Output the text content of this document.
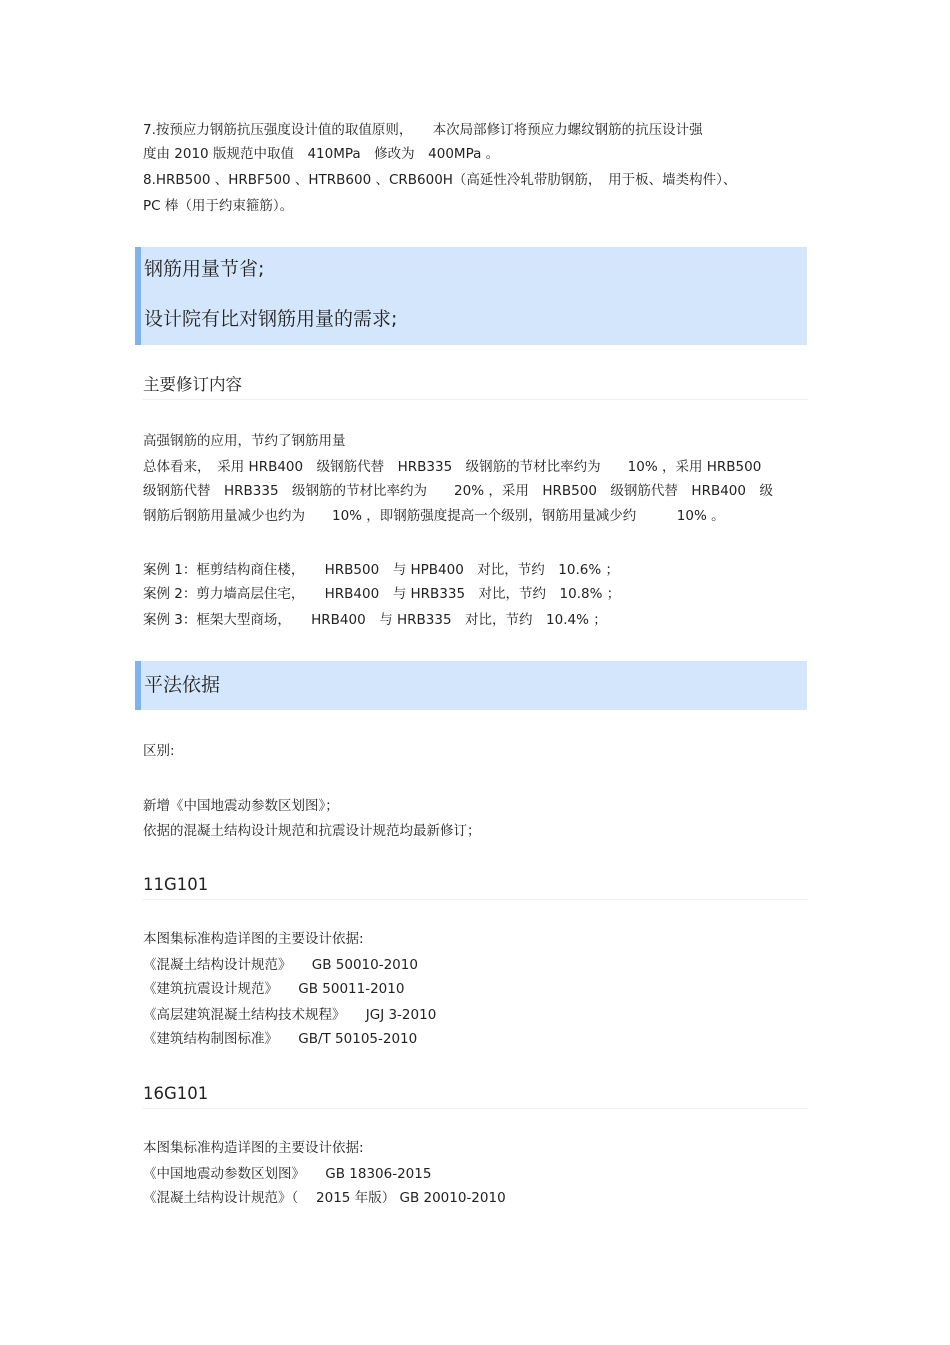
7.按预应力钢筋抗压强度设计值的取值原则，　　本次局部修订将预应力螺纹钢筋的抗压设计强
度由 2010 版规范中取值　410MPa　修改为　400MPa 。
8.HRB500 、HRBF500 、HTRB600 、CRB600H（高延性冷轧带肋钢筋，　用于板、墙类构件）、
PC 棒（用于约束箍筋）。
钢筋用量节省;
设计院有比对钢筋用量的需求;
主要修订内容
高强钢筋的应用，节约了钢筋用量
总体看来，　采用 HRB400　级钢筋代替　HRB335　级钢筋的节材比率约为　　10% ，采用 HRB500
级钢筋代替　HRB335　级钢筋的节材比率约为　　20% ，采用　HRB500　级钢筋代替　HRB400　级
钢筋后钢筋用量减少也约为　　10% ，即钢筋强度提高一个级别，钢筋用量减少约　　　10% 。
案例 1：框剪结构商住楼，　　HRB500　与 HPB400　对比，节约　10.6% ；
案例 2：剪力墙高层住宅，　　HRB400　与 HRB335　对比，节约　10.8% ；
案例 3：框架大型商场，　　HRB400　与 HRB335　对比，节约　10.4% ；
平法依据
区别:
新增《中国地震动参数区划图》；
依据的混凝土结构设计规范和抗震设计规范均最新修订；
11G101
本图集标准构造详图的主要设计依据:
《混凝土结构设计规范》　　GB 50010-2010
《建筑抗震设计规范》　　GB 50011-2010
《高层建筑混凝土结构技术规程》　　JGJ 3-2010
《建筑结构制图标准》　　GB/T 50105-2010
16G101
本图集标准构造详图的主要设计依据:
《中国地震动参数区划图》　　GB 18306-2015
《混凝土结构设计规范》（　 2015 年版） GB 20010-2010
